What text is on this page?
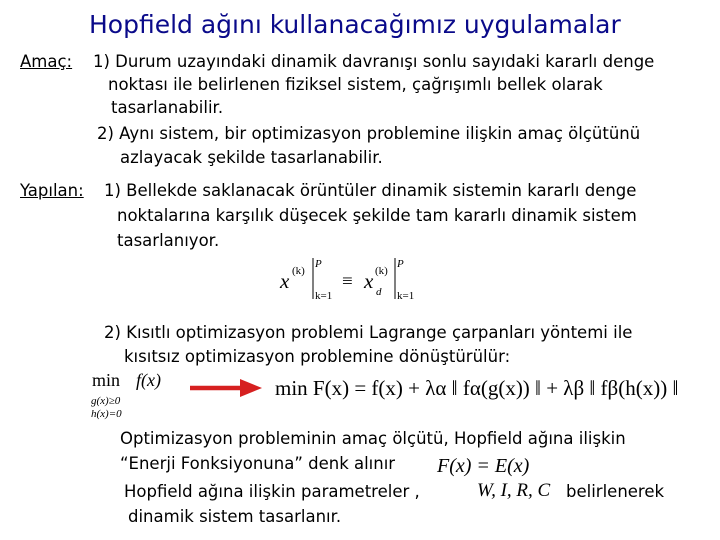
Hopfield ağını kullanacağımız uygulamalar
Amaç: 1) Durum uzayındaki dinamik davranışı sonlu sayıdaki kararlı denge
noktası ile belirlenen fiziksel sistem, çağrışımlı bellek olarak
tasarlanabilir.
2) Aynı sistem, bir optimizasyon problemine ilişkin amaç ölçütünü
azlayacak şekilde tasarlanabilir.
Yapılan: 1) Bellekde saklanacak örüntüler dinamik sistemin kararlı denge
noktalarına karşılık düşecek şekilde tam kararlı dinamik sistem
tasarlanıyor.
x (k)
P
k=1
≡ x (k)
d
P
k=1
2) Kısıtlı optimizasyon problemi Lagrange çarpanları yöntemi ile
kısıtsız optimizasyon problemine dönüştürülür:
min f(x)
g(x)≥0
h(x)=0
min F(x) = f(x) + λα ‖ fα(g(x)) ‖ + λβ ‖ fβ(h(x)) ‖
Optimizasyon probleminin amaç ölçütü, Hopfield ağına ilişkin
“Enerji Fonksiyonuna” denk alınır F(x) = E(x)
Hopfield ağına ilişkin parametreler ,	W, I, R, C belirlenerek
dinamik sistem tasarlanır.
